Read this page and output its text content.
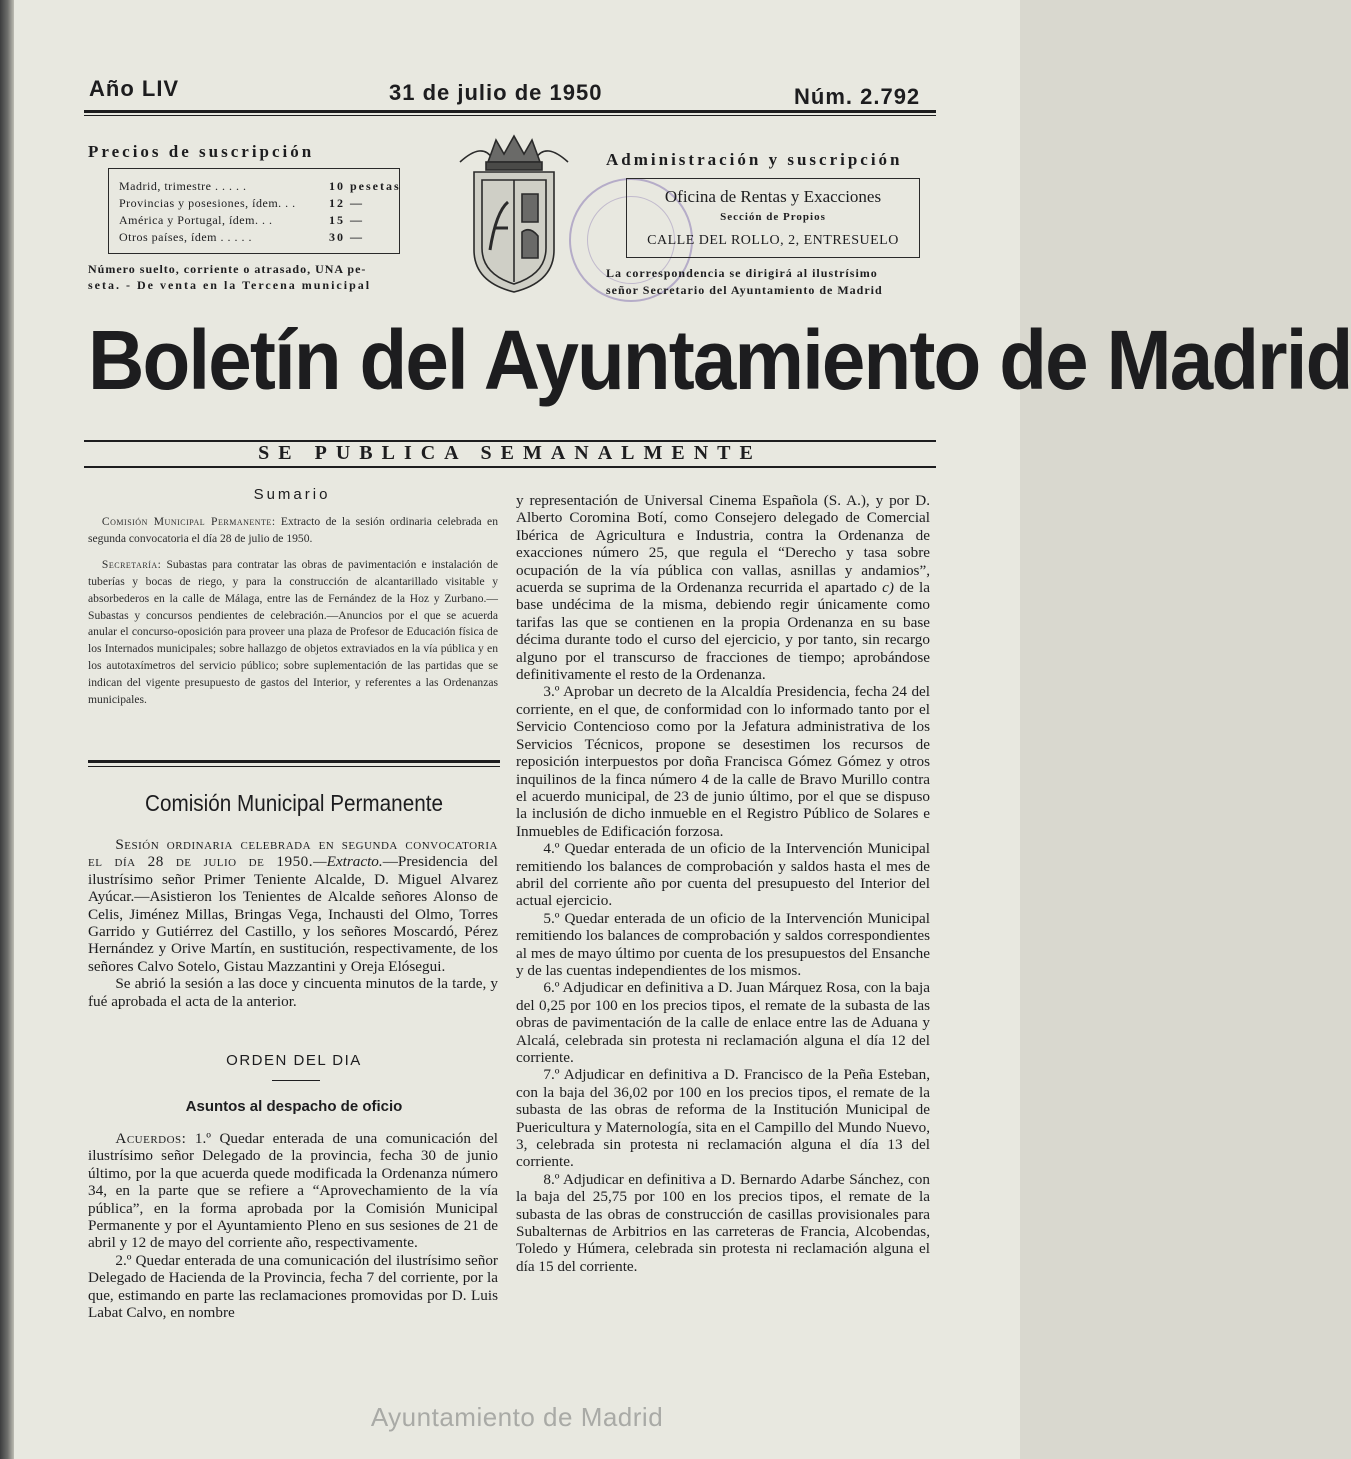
Año LIV	31 de julio de 1950	Núm. 2.792
Precios de suscripción
Madrid, trimestre . . . . .	10 pesetas
Provincias y posesiones, ídem. . .	12 —
América y Portugal, ídem. . .	15 —
Otros países, ídem . . . . .	30 —
Número suelto, corriente o atrasado, UNA pe-
seta. - De venta en la Tercena municipal
Administración y suscripción
Oficina de Rentas y Exacciones
Sección de Propios
CALLE DEL ROLLO, 2, ENTRESUELO
La correspondencia se dirigirá al ilustrísimo
señor Secretario del Ayuntamiento de Madrid
Boletín del Ayuntamiento de Madrid
SE PUBLICA SEMANALMENTE
Sumario

Comisión Municipal Permanente: Extracto de la sesión ordinaria celebrada en segunda convocatoria el día 28 de julio de 1950.

Secretaría: Subastas para contratar las obras de pavimentación e instalación de tuberías y bocas de riego, y para la construcción de alcantarillado visitable y absorbederos en la calle de Málaga, entre las de Fernández de la Hoz y Zurbano.—Subastas y concursos pendientes de celebración.—Anuncios por el que se acuerda anular el concurso-oposición para proveer una plaza de Profesor de Educación física de los Internados municipales; sobre hallazgo de objetos extraviados en la vía pública y en los autotaxímetros del servicio público; sobre suplementación de las partidas que se indican del vigente presupuesto de gastos del Interior, y referentes a las Ordenanzas municipales.

Comisión Municipal Permanente

Sesión ordinaria celebrada en segunda convocatoria el día 28 de julio de 1950.—Extracto.—Presidencia del ilustrísimo señor Primer Teniente Alcalde, D. Miguel Alvarez Ayúcar.—Asistieron los Tenientes de Alcalde señores Alonso de Celis, Jiménez Millas, Bringas Vega, Inchausti del Olmo, Torres Garrido y Gutiérrez del Castillo, y los señores Moscardó, Pérez Hernández y Orive Martín, en sustitución, respectivamente, de los señores Calvo Sotelo, Gistau Mazzantini y Oreja Elósegui.

Se abrió la sesión a las doce y cincuenta minutos de la tarde, y fué aprobada el acta de la anterior.

ORDEN DEL DIA
Asuntos al despacho de oficio

Acuerdos: 1.º Quedar enterada de una comunicación del ilustrísimo señor Delegado de la provincia, fecha 30 de junio último, por la que acuerda quede modificada la Ordenanza número 34, en la parte que se refiere a “Aprovechamiento de la vía pública”, en la forma aprobada por la Comisión Municipal Permanente y por el Ayuntamiento Pleno en sus sesiones de 21 de abril y 12 de mayo del corriente año, respectivamente.

2.º Quedar enterada de una comunicación del ilustrísimo señor Delegado de Hacienda de la Provincia, fecha 7 del corriente, por la que, estimando en parte las reclamaciones promovidas por D. Luis Labat Calvo, en nombre

y representación de Universal Cinema Española (S. A.), y por D. Alberto Coromina Botí, como Consejero delegado de Comercial Ibérica de Agricultura e Industria, contra la Ordenanza de exacciones número 25, que regula el “Derecho y tasa sobre ocupación de la vía pública con vallas, asnillas y andamios”, acuerda se suprima de la Ordenanza recurrida el apartado c) de la base undécima de la misma, debiendo regir únicamente como tarifas las que se contienen en la propia Ordenanza en su base décima durante todo el curso del ejercicio, y por tanto, sin recargo alguno por el transcurso de fracciones de tiempo; aprobándose definitivamente el resto de la Ordenanza.

3.º Aprobar un decreto de la Alcaldía Presidencia, fecha 24 del corriente, en el que, de conformidad con lo informado tanto por el Servicio Contencioso como por la Jefatura administrativa de los Servicios Técnicos, propone se desestimen los recursos de reposición interpuestos por doña Francisca Gómez Gómez y otros inquilinos de la finca número 4 de la calle de Bravo Murillo contra el acuerdo municipal, de 23 de junio último, por el que se dispuso la inclusión de dicho inmueble en el Registro Público de Solares e Inmuebles de Edificación forzosa.

4.º Quedar enterada de un oficio de la Intervención Municipal remitiendo los balances de comprobación y saldos hasta el mes de abril del corriente año por cuenta del presupuesto del Interior del actual ejercicio.

5.º Quedar enterada de un oficio de la Intervención Municipal remitiendo los balances de comprobación y saldos correspondientes al mes de mayo último por cuenta de los presupuestos del Ensanche y de las cuentas independientes de los mismos.

6.º Adjudicar en definitiva a D. Juan Márquez Rosa, con la baja del 0,25 por 100 en los precios tipos, el remate de la subasta de las obras de pavimentación de la calle de enlace entre las de Aduana y Alcalá, celebrada sin protesta ni reclamación alguna el día 12 del corriente.

7.º Adjudicar en definitiva a D. Francisco de la Peña Esteban, con la baja del 36,02 por 100 en los precios tipos, el remate de la subasta de las obras de reforma de la Institución Municipal de Puericultura y Maternología, sita en el Campillo del Mundo Nuevo, 3, celebrada sin protesta ni reclamación alguna el día 13 del corriente.

8.º Adjudicar en definitiva a D. Bernardo Adarbe Sánchez, con la baja del 25,75 por 100 en los precios tipos, el remate de la subasta de las obras de construcción de casillas provisionales para Subalternas de Arbitrios en las carreteras de Francia, Alcobendas, Toledo y Húmera, celebrada sin protesta ni reclamación alguna el día 15 del corriente.

Ayuntamiento de Madrid
